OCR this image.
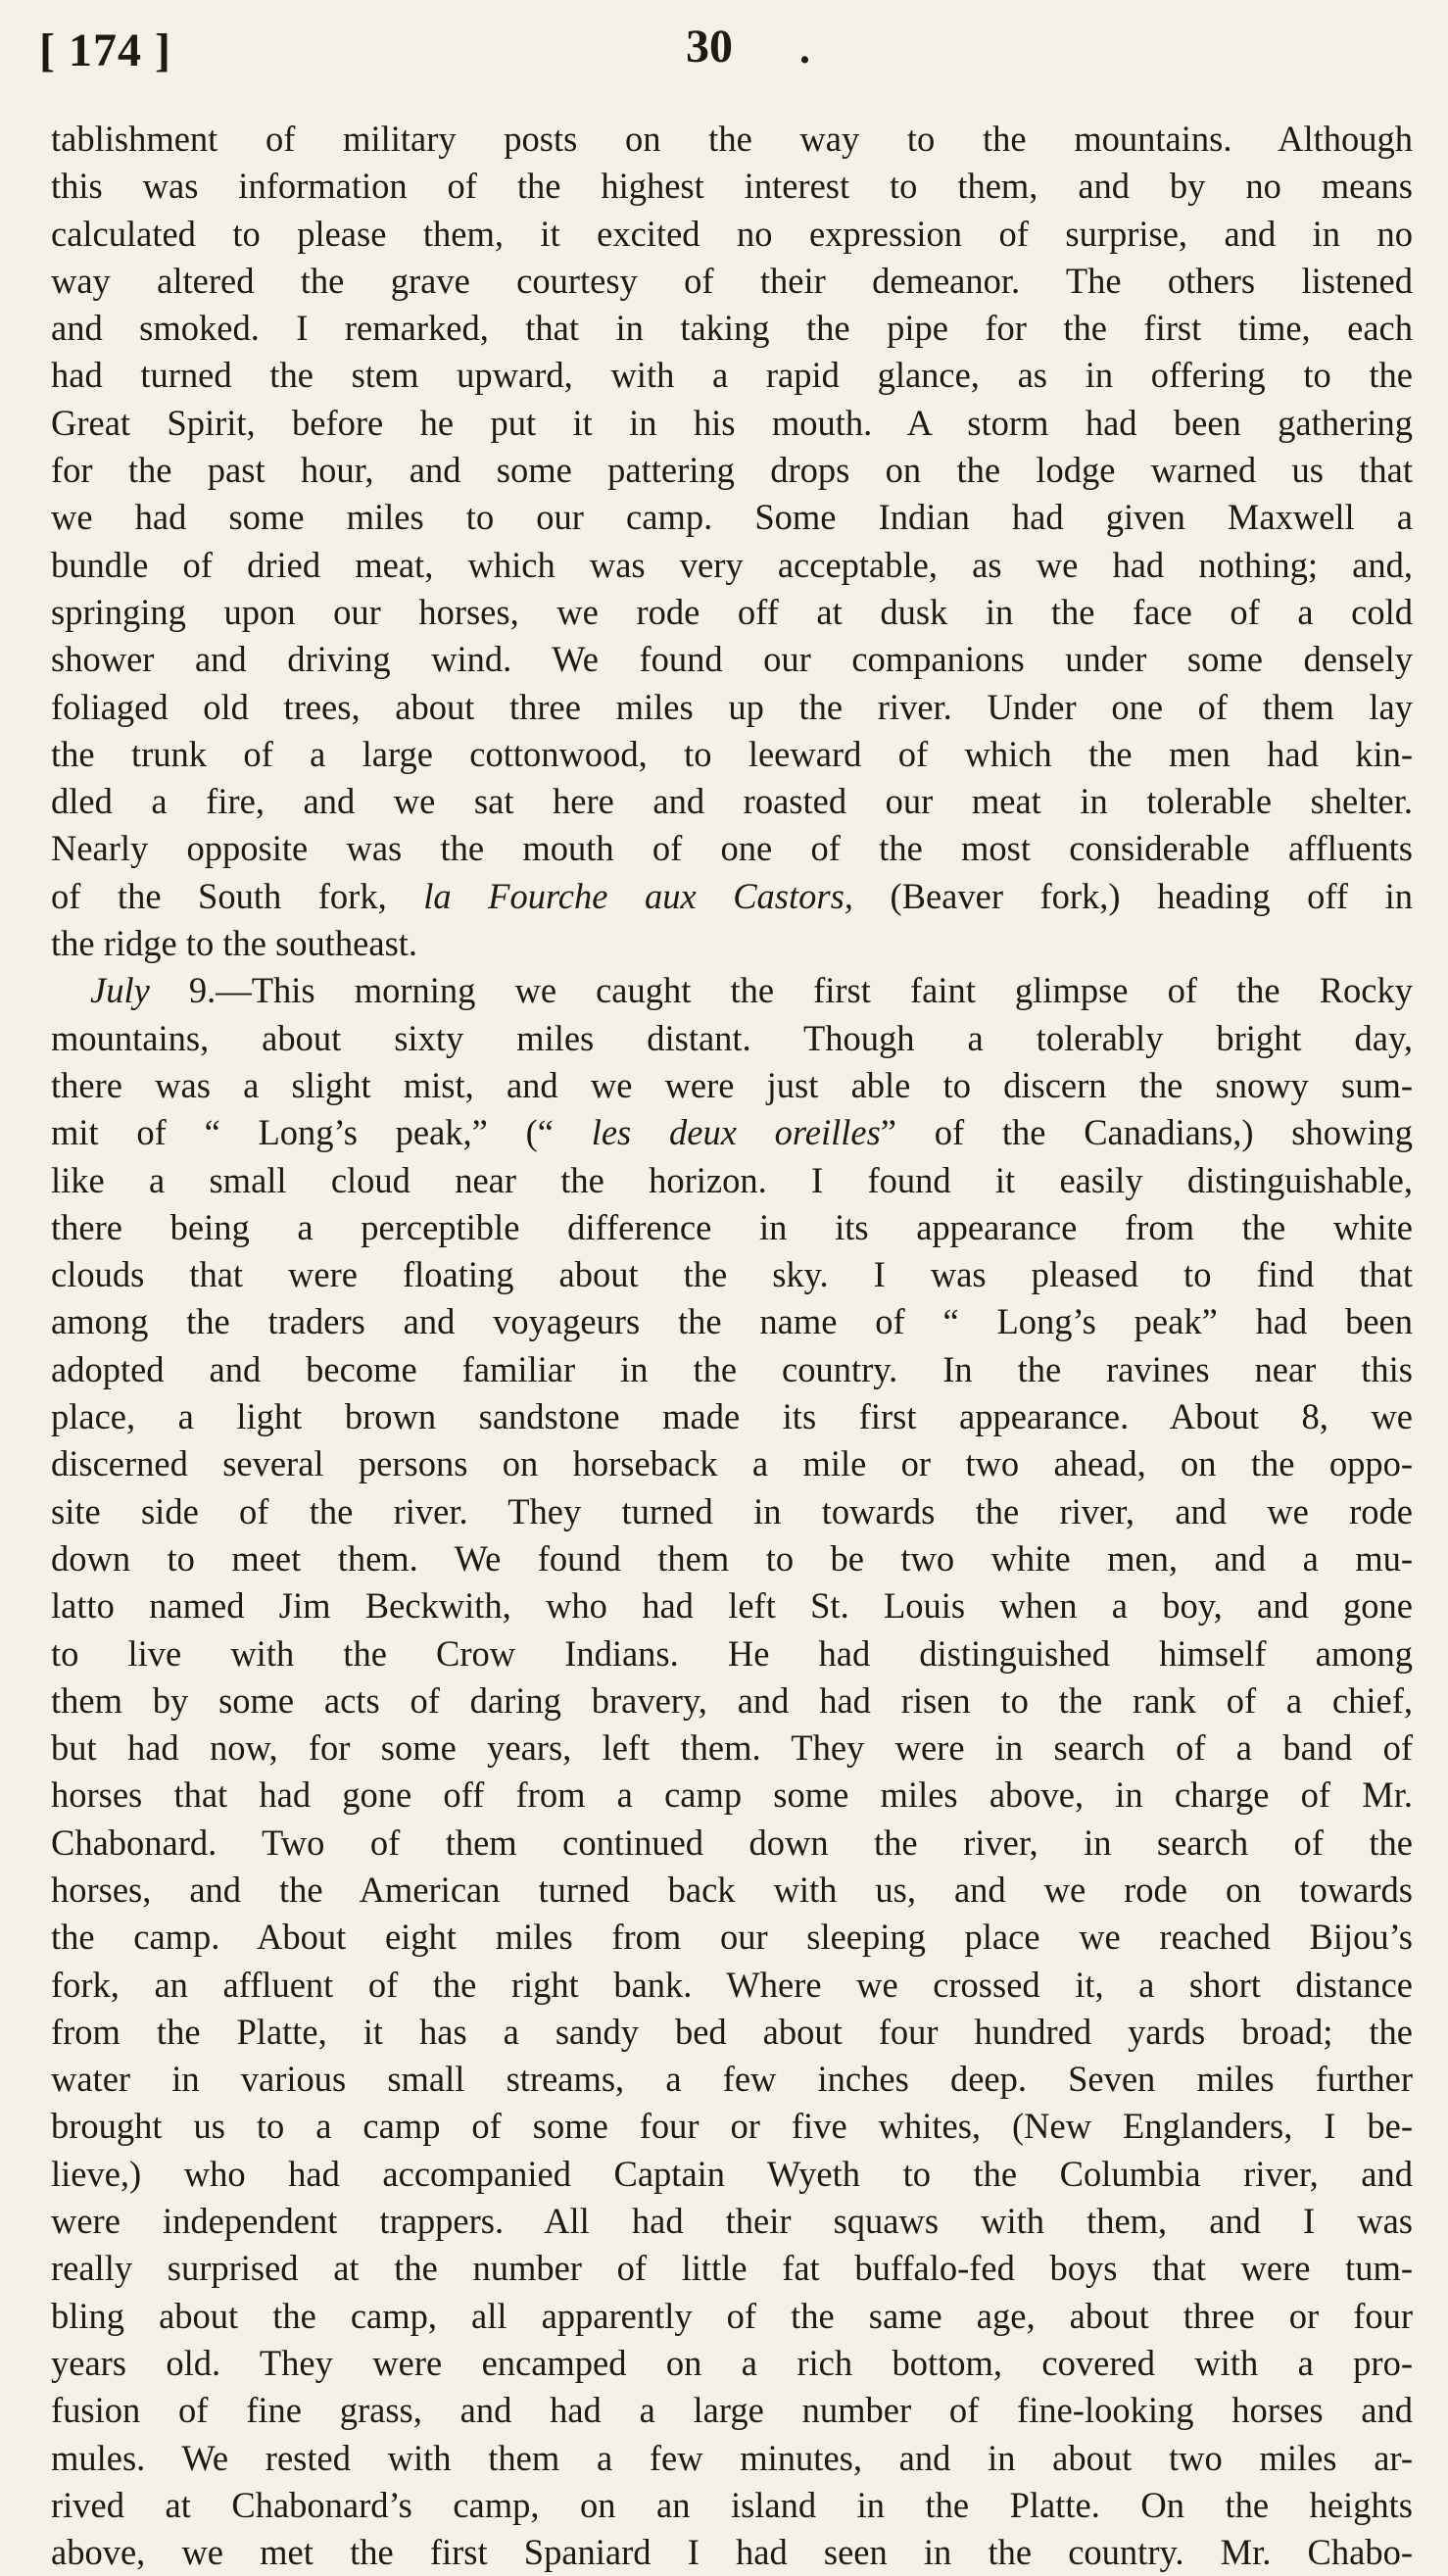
[ 174 ]	30 .
tablishment of military posts on the way to the mountains. Although
this was information of the highest interest to them, and by no means
calculated to please them, it excited no expression of surprise, and in no
way altered the grave courtesy of their demeanor. The others listened
and smoked. I remarked, that in taking the pipe for the first time, each
had turned the stem upward, with a rapid glance, as in offering to the
Great Spirit, before he put it in his mouth. A storm had been gathering
for the past hour, and some pattering drops on the lodge warned us that
we had some miles to our camp. Some Indian had given Maxwell a
bundle of dried meat, which was very acceptable, as we had nothing; and,
springing upon our horses, we rode off at dusk in the face of a cold
shower and driving wind. We found our companions under some densely
foliaged old trees, about three miles up the river. Under one of them lay
the trunk of a large cottonwood, to leeward of which the men had kin-
dled a fire, and we sat here and roasted our meat in tolerable shelter.
Nearly opposite was the mouth of one of the most considerable affluents
of the South fork, la Fourche aux Castors, (Beaver fork,) heading off in
the ridge to the southeast.
July 9.—This morning we caught the first faint glimpse of the Rocky
mountains, about sixty miles distant. Though a tolerably bright day,
there was a slight mist, and we were just able to discern the snowy sum-
mit of “ Long’s peak,” (“ les deux oreilles” of the Canadians,) showing
like a small cloud near the horizon. I found it easily distinguishable,
there being a perceptible difference in its appearance from the white
clouds that were floating about the sky. I was pleased to find that
among the traders and voyageurs the name of “ Long’s peak” had been
adopted and become familiar in the country. In the ravines near this
place, a light brown sandstone made its first appearance. About 8, we
discerned several persons on horseback a mile or two ahead, on the oppo-
site side of the river. They turned in towards the river, and we rode
down to meet them. We found them to be two white men, and a mu-
latto named Jim Beckwith, who had left St. Louis when a boy, and gone
to live with the Crow Indians. He had distinguished himself among
them by some acts of daring bravery, and had risen to the rank of a chief,
but had now, for some years, left them. They were in search of a band of
horses that had gone off from a camp some miles above, in charge of Mr.
Chabonard. Two of them continued down the river, in search of the
horses, and the American turned back with us, and we rode on towards
the camp. About eight miles from our sleeping place we reached Bijou’s
fork, an affluent of the right bank. Where we crossed it, a short distance
from the Platte, it has a sandy bed about four hundred yards broad; the
water in various small streams, a few inches deep. Seven miles further
brought us to a camp of some four or five whites, (New Englanders, I be-
lieve,) who had accompanied Captain Wyeth to the Columbia river, and
were independent trappers. All had their squaws with them, and I was
really surprised at the number of little fat buffalo-fed boys that were tum-
bling about the camp, all apparently of the same age, about three or four
years old. They were encamped on a rich bottom, covered with a pro-
fusion of fine grass, and had a large number of fine-looking horses and
mules. We rested with them a few minutes, and in about two miles ar-
rived at Chabonard’s camp, on an island in the Platte. On the heights
above, we met the first Spaniard I had seen in the country. Mr. Chabo-
